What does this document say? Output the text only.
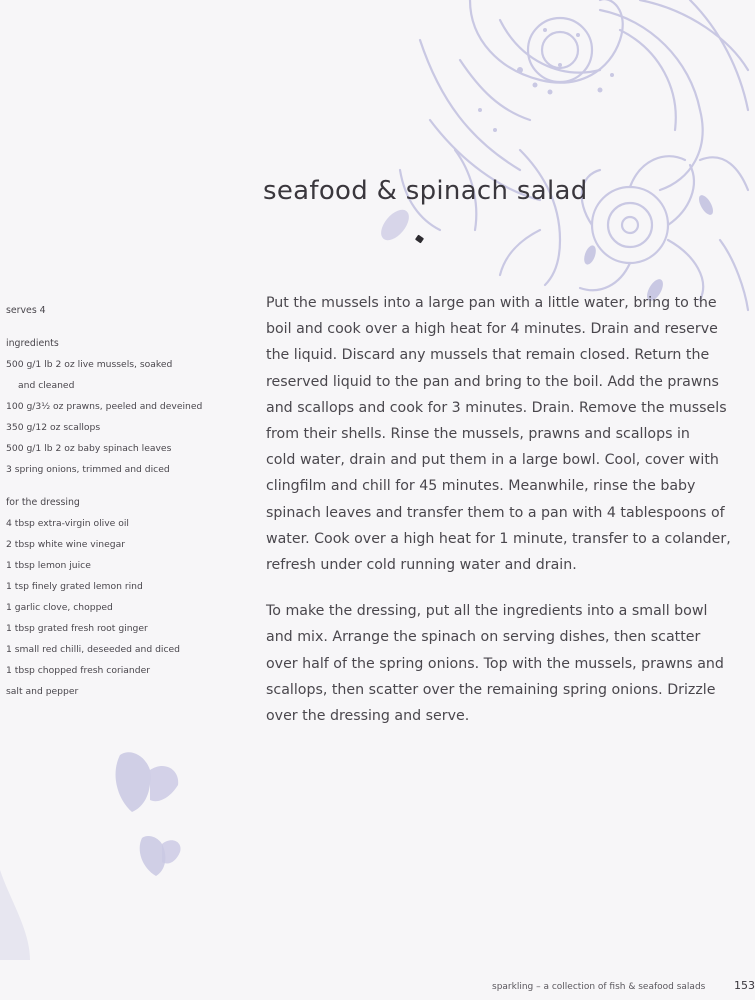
seafood & spinach salad
serves 4
ingredients
500 g/1 lb 2 oz live mussels, soaked
and cleaned
100 g/3½ oz prawns, peeled and deveined
350 g/12 oz scallops
500 g/1 lb 2 oz baby spinach leaves
3 spring onions, trimmed and diced
for the dressing
4 tbsp extra-virgin olive oil
2 tbsp white wine vinegar
1 tbsp lemon juice
1 tsp finely grated lemon rind
1 garlic clove, chopped
1 tbsp grated fresh root ginger
1 small red chilli, deseeded and diced
1 tbsp chopped fresh coriander
salt and pepper

Put the mussels into a large pan with a little water, bring to the
boil and cook over a high heat for 4 minutes. Drain and reserve
the liquid. Discard any mussels that remain closed. Return the
reserved liquid to the pan and bring to the boil. Add the prawns
and scallops and cook for 3 minutes. Drain. Remove the mussels
from their shells. Rinse the mussels, prawns and scallops in
cold water, drain and put them in a large bowl. Cool, cover with
clingfilm and chill for 45 minutes. Meanwhile, rinse the baby
spinach leaves and transfer them to a pan with 4 tablespoons of
water. Cook over a high heat for 1 minute, transfer to a colander,
refresh under cold running water and drain.

To make the dressing, put all the ingredients into a small bowl
and mix. Arrange the spinach on serving dishes, then scatter
over half of the spring onions. Top with the mussels, prawns and
scallops, then scatter over the remaining spring onions. Drizzle
over the dressing and serve.

sparkling – a collection of fish & seafood salads	153
